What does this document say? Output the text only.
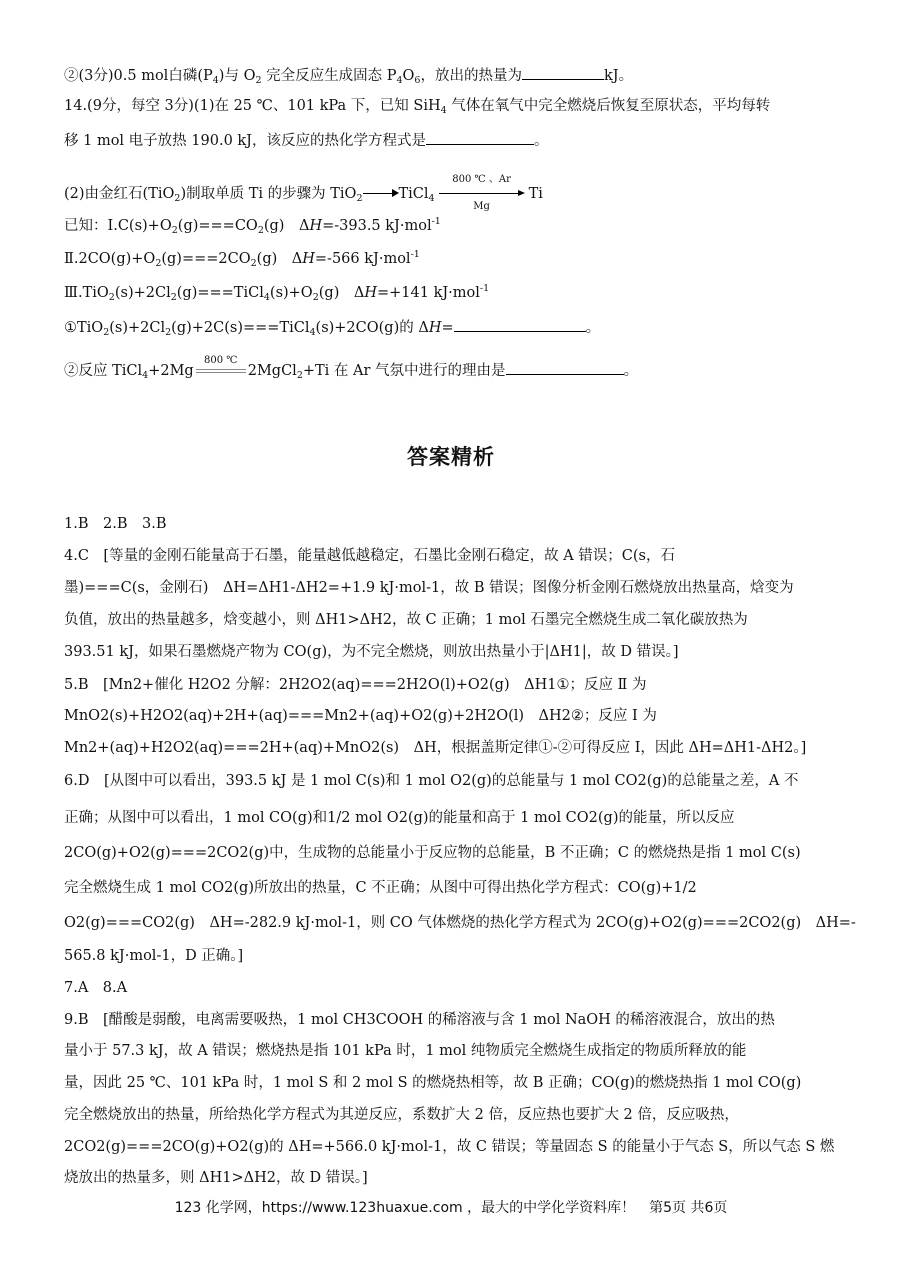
②(3分)0.5 mol白磷$(P_4)$与 $O_2$ 完全反应生成固态 $P_4O_6$，放出的热量为	kJ。
14.(9分，每空 3分)(1)在 25 ℃、101 kPa 下，已知 SiH$_4$ 气体在氧气中完全燃烧后恢复至原状态，平均每转
移 1 mol 电子放热 190.0 kJ，该反应的热化学方程式是	。
(2)由金红石(TiO$_2$)制取单质 Ti 的步骤为 TiO$_2$ TiCl$_4$ $\frac{800 ℃ 、Ar}{Mg}$ Ti
已知：$Ⅰ.C(s)+O_2(g)===CO_2(g)$　ΔH=-393.5 kJ·mol$^{-1}$
$Ⅱ.2CO(g)+O_2(g)===2CO_2(g)$　ΔH=-566 kJ·mol$^{-1}$
$Ⅲ.TiO_2(s)+2Cl_2(g)===TiCl_4(s)+O_2(g)$　ΔH=+141 kJ·mol$^{-1}$
$①TiO_2(s)+2Cl_2(g)+2C(s)===TiCl_4(s)+2CO(g)$的 ΔH=	。
②反应 TiCl$_4$+2Mg
800 ℃
2MgCl$_2$+Ti 在 Ar 气氛中进行的理由是	。
答案精析
1.B　2.B　3.B
4.C　[等量的金刚石能量高于石墨，能量越低越稳定，石墨比金刚石稳定，故 A 错误；C(s，石
墨)===C(s，金刚石)　ΔH=ΔH1-ΔH2=+1.9 kJ·mol-1，故 B 错误；图像分析金刚石燃烧放出热量高，焓变为
负值，放出的热量越多，焓变越小，则 ΔH1>ΔH2，故 C 正确；1 mol 石墨完全燃烧生成二氧化碳放热为
393.51 kJ，如果石墨燃烧产物为 CO(g)，为不完全燃烧，则放出热量小于|ΔH1|，故 D 错误。]
5.B　[Mn2+催化 H2O2 分解：2H2O2(aq)===2H2O(l)+O2(g)　ΔH1①；反应 Ⅱ 为
MnO2(s)+H2O2(aq)+2H+(aq)===Mn2+(aq)+O2(g)+2H2O(l)　ΔH2②；反应 Ⅰ 为
Mn2+(aq)+H2O2(aq)===2H+(aq)+MnO2(s)　ΔH，根据盖斯定律①-②可得反应 Ⅰ，因此 ΔH=ΔH1-ΔH2。]
6.D　[从图中可以看出，393.5 kJ 是 1 mol C(s)和 1 mol O2(g)的总能量与 1 mol CO2(g)的总能量之差，A 不
正确；从图中可以看出，1 mol CO(g)和1/2 mol O2(g)的能量和高于 1 mol CO2(g)的能量，所以反应
2CO(g)+O2(g)===2CO2(g)中，生成物的总能量小于反应物的总能量，B 不正确；C 的燃烧热是指 1 mol C(s)
完全燃烧生成 1 mol CO2(g)所放出的热量，C 不正确；从图中可得出热化学方程式：CO(g)+1/2
O2(g)===CO2(g)　ΔH=-282.9 kJ·mol-1，则 CO 气体燃烧的热化学方程式为 2CO(g)+O2(g)===2CO2(g)　ΔH=-
565.8 kJ·mol-1，D 正确。]
7.A　8.A
9.B　[醋酸是弱酸，电离需要吸热，1 mol CH3COOH 的稀溶液与含 1 mol NaOH 的稀溶液混合，放出的热
量小于 57.3 kJ，故 A 错误；燃烧热是指 101 kPa 时，1 mol 纯物质完全燃烧生成指定的物质所释放的能
量，因此 25 ℃、101 kPa 时，1 mol S 和 2 mol S 的燃烧热相等，故 B 正确；CO(g)的燃烧热指 1 mol CO(g)
完全燃烧放出的热量，所给热化学方程式为其逆反应，系数扩大 2 倍，反应热也要扩大 2 倍，反应吸热，
2CO2(g)===2CO(g)+O2(g)的 ΔH=+566.0 kJ·mol-1，故 C 错误；等量固态 S 的能量小于气态 S，所以气态 S 燃
烧放出的热量多，则 ΔH1>ΔH2，故 D 错误。]
123 化学网，https://www.123huaxue.com ，最大的中学化学资料库！　第5页 共6页
